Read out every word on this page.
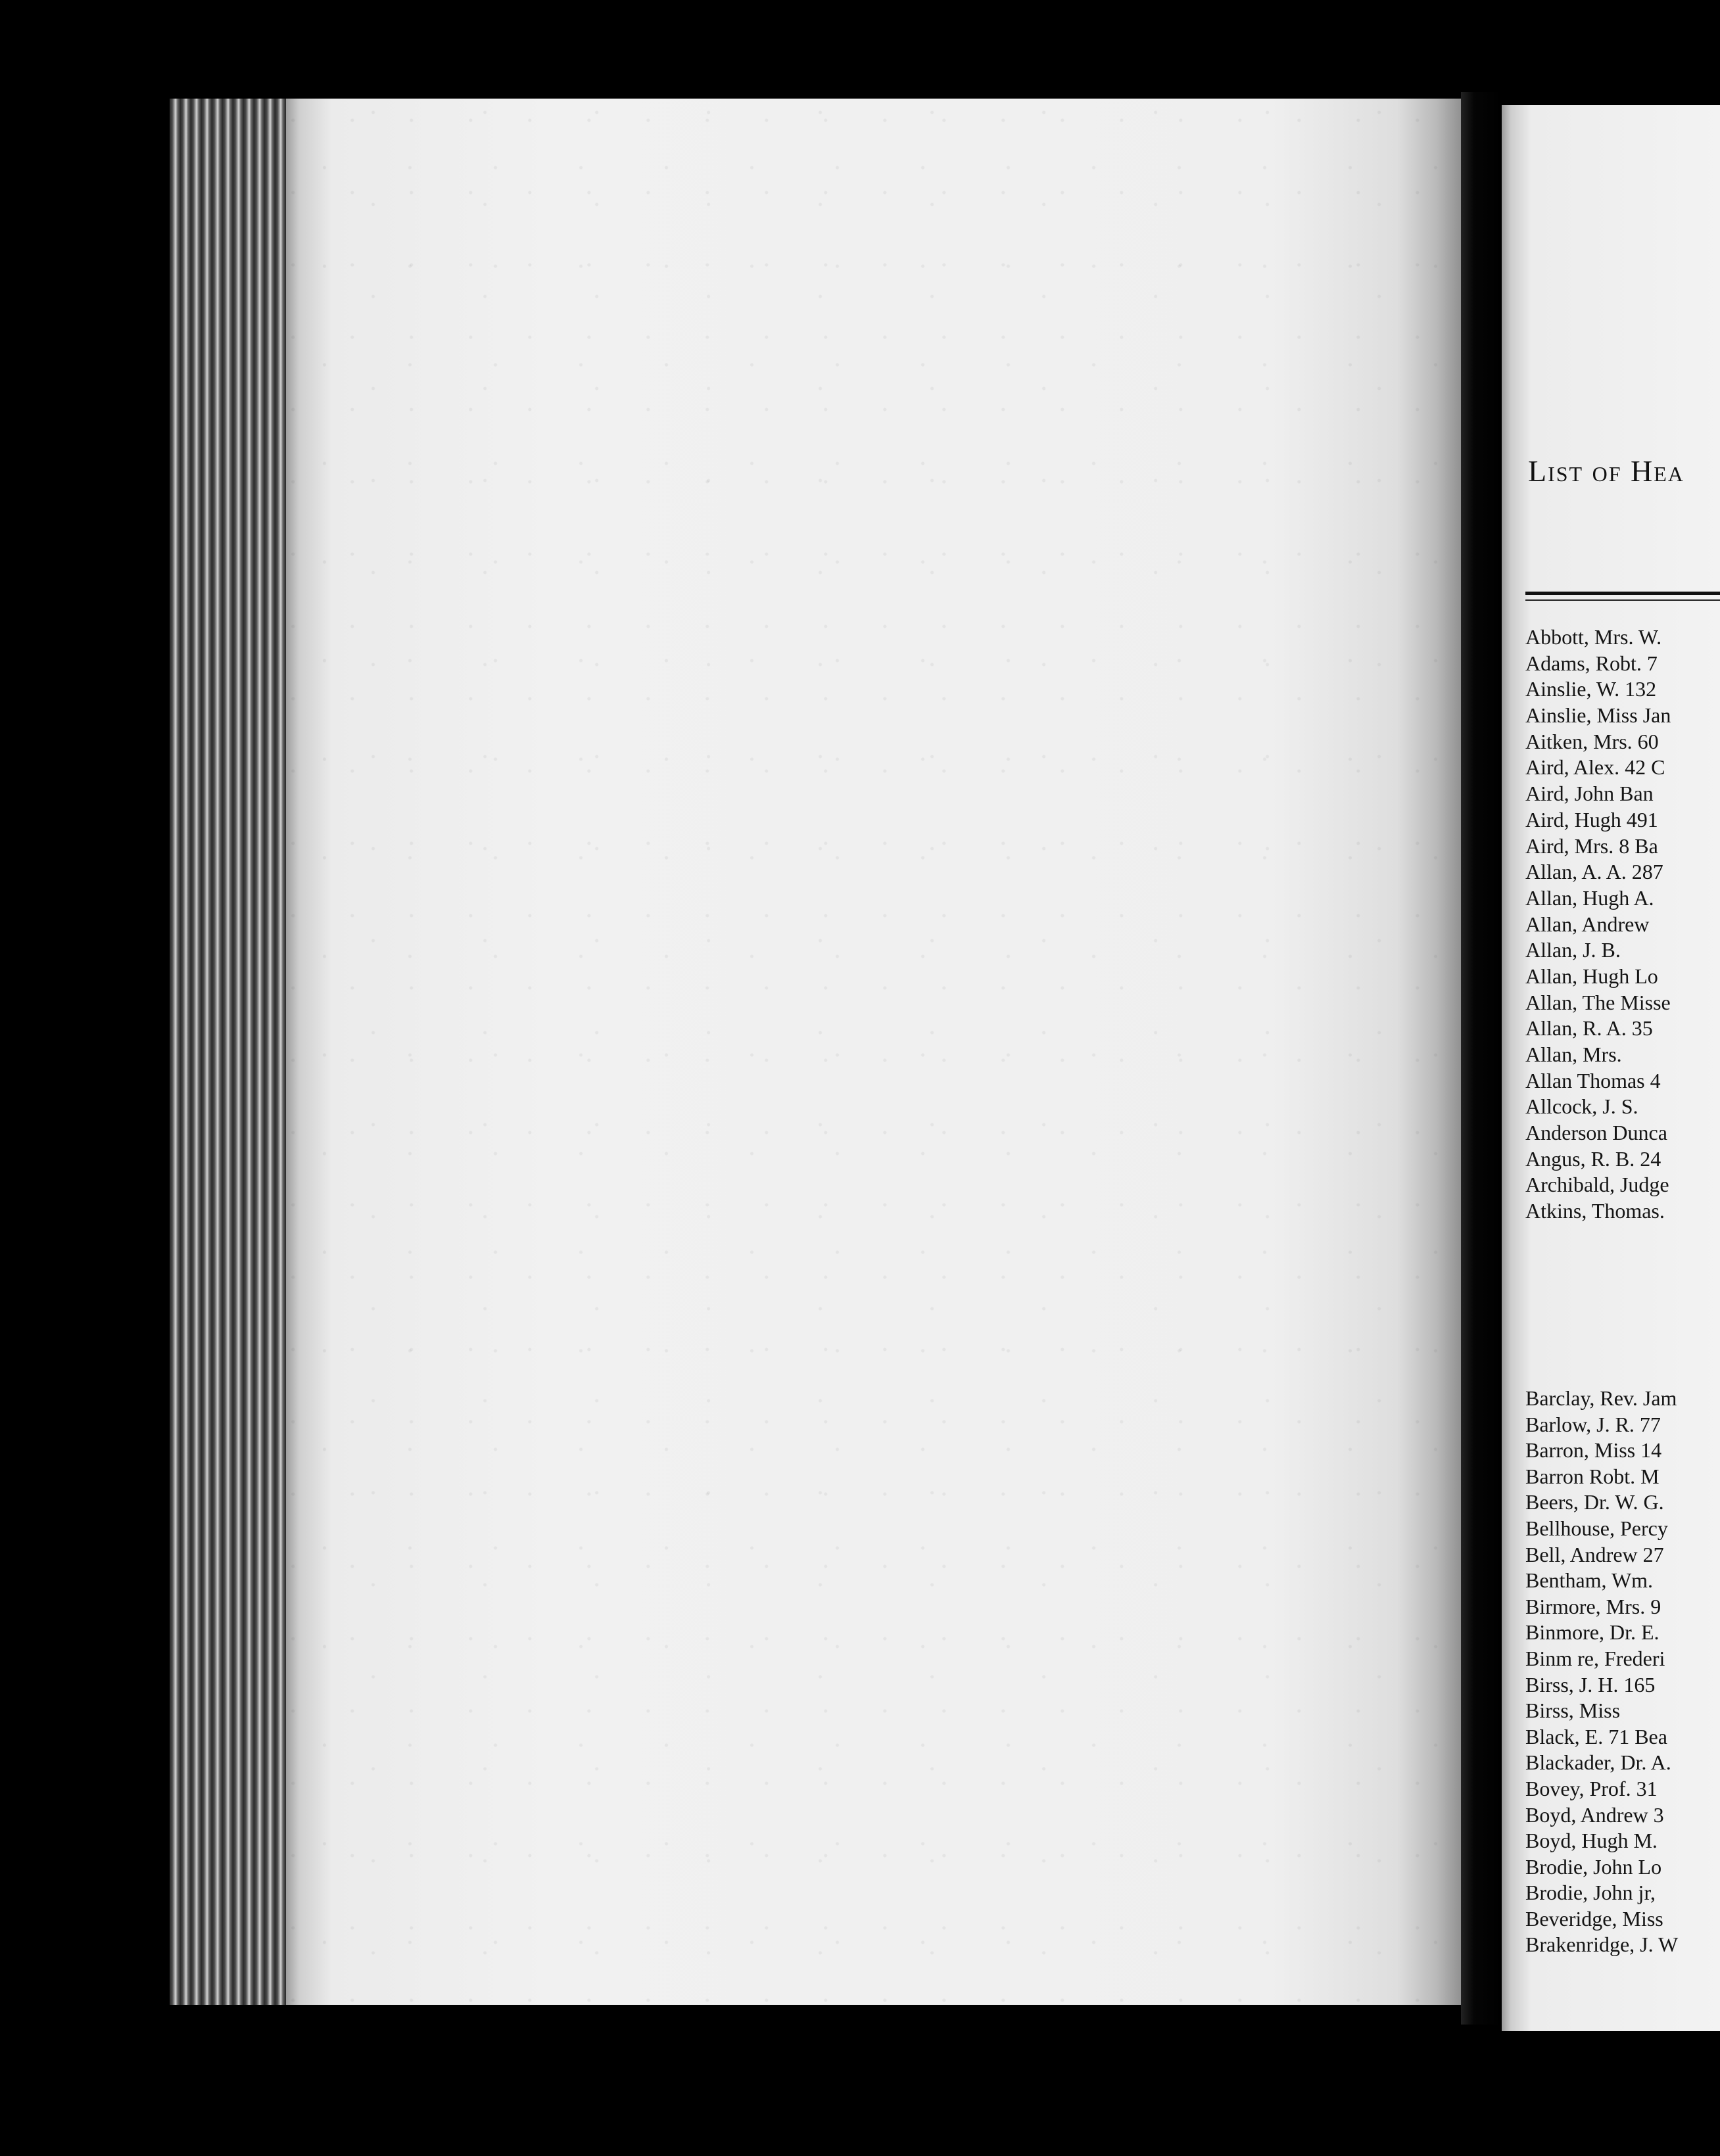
List of Hea
Abbott, Mrs. W.
Adams, Robt. 7
Ainslie, W. 132
Ainslie, Miss Jan
Aitken, Mrs. 60
Aird, Alex. 42 C
Aird, John Ban
Aird, Hugh 491
Aird, Mrs. 8 Ba
Allan, A. A. 287
Allan, Hugh A.
Allan, Andrew
Allan, J. B.
Allan, Hugh Lo
Allan, The Misse
Allan, R. A. 35
Allan, Mrs.
Allan Thomas 4
Allcock, J. S.
Anderson Dunca
Angus, R. B. 24
Archibald, Judge
Atkins, Thomas.
Barclay, Rev. Jam
Barlow, J. R. 77
Barron, Miss 14
Barron Robt. M
Beers, Dr. W. G.
Bellhouse, Percy
Bell, Andrew 27
Bentham, Wm.
Birmore, Mrs. 9
Binmore, Dr. E.
Binm re, Frederi
Birss, J. H. 165
Birss, Miss
Black, E. 71 Bea
Blackader, Dr. A.
Bovey, Prof. 31
Boyd, Andrew 3
Boyd, Hugh M.
Brodie, John Lo
Brodie, John jr,
Beveridge, Miss
Brakenridge, J. W
